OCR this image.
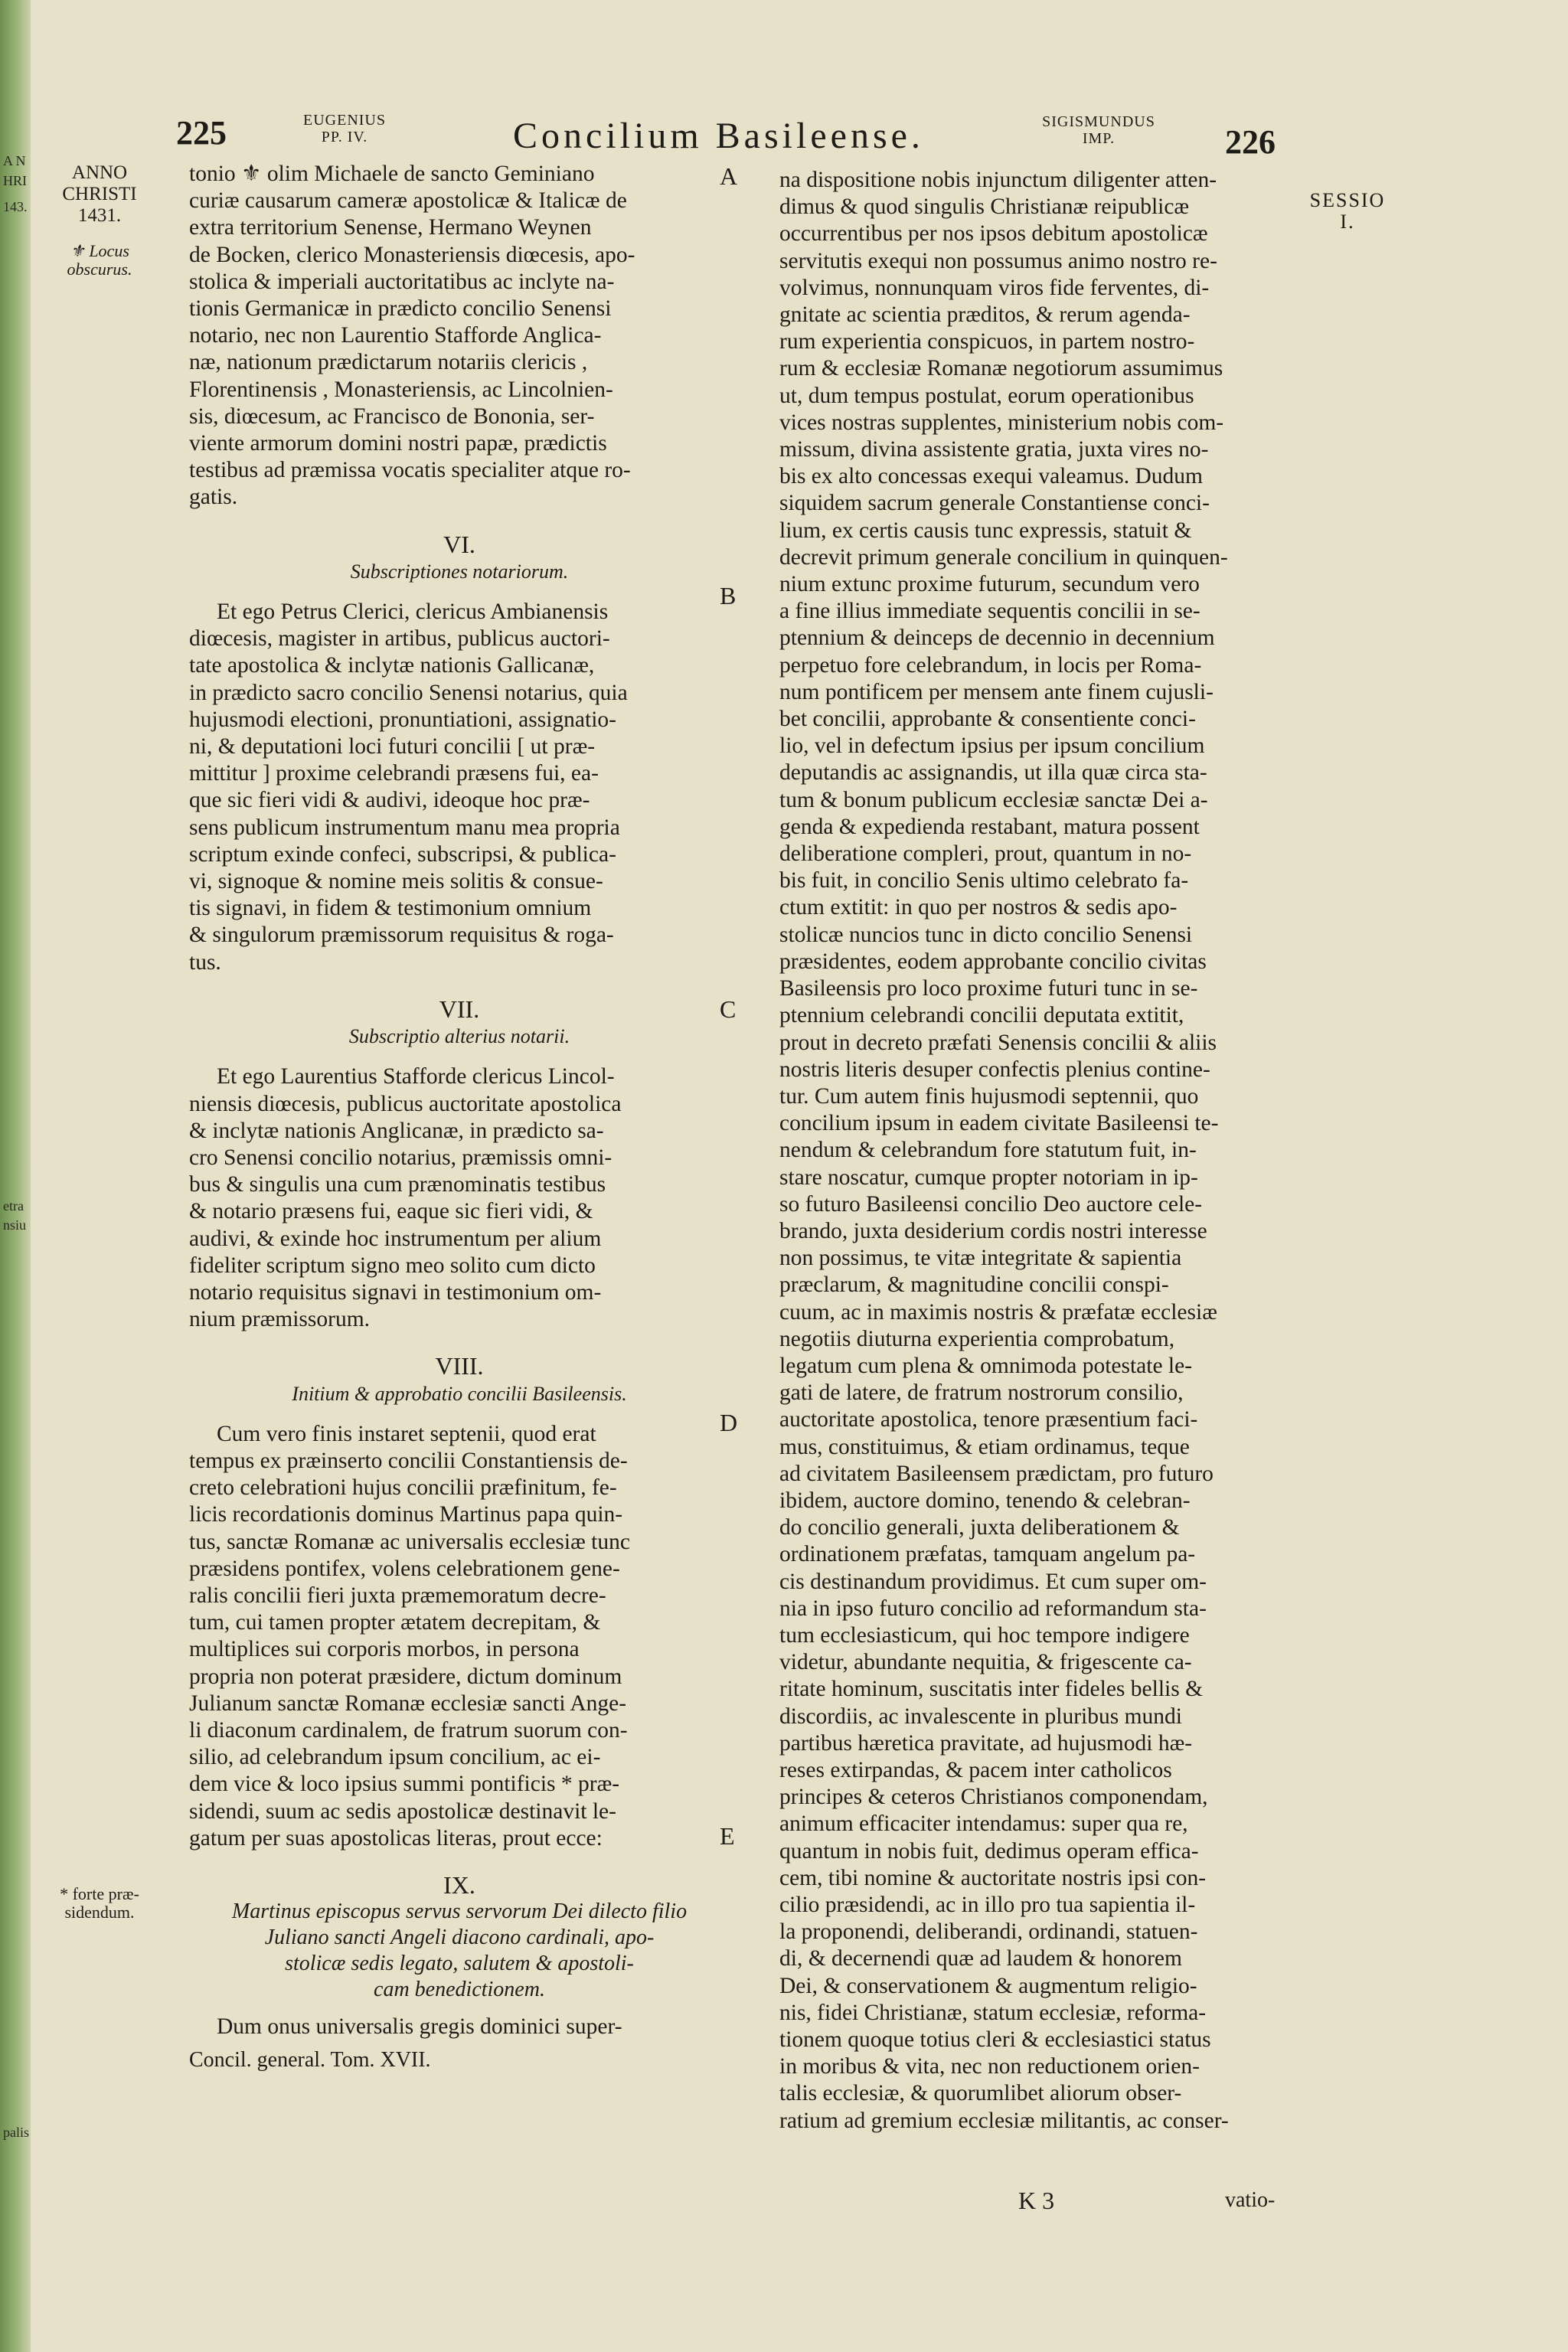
A N
HRI
143.
etra
nsiu
palis
225	EUGENIUS
PP. IV.	Concilium Basileense.	SIGISMUNDUS
IMP.	226
ANNO
CHRISTI
1431.
⚜ Locus
obscurus.
* forte præ-
sidendum.
SESSIO
I.
A
B
C
D
E
tonio ⚜ olim Michaele de sancto Geminiano
curiæ causarum cameræ apostolicæ & Italicæ de
extra territorium Senense, Hermano Weynen
de Bocken, clerico Monasteriensis diœcesis, apo-
stolica & imperiali auctoritatibus ac inclyte na-
tionis Germanicæ in prædicto concilio Senensi
notario, nec non Laurentio Stafforde Anglica-
næ, nationum prædictarum notariis clericis ,
Florentinensis , Monasteriensis, ac Lincolnien-
sis, diœcesum, ac Francisco de Bononia, ser-
viente armorum domini nostri papæ, prædictis
testibus ad præmissa vocatis specialiter atque ro-
gatis.
VI.
Subscriptiones notariorum.
Et ego Petrus Clerici, clericus Ambianensis
diœcesis, magister in artibus, publicus auctori-
tate apostolica & inclytæ nationis Gallicanæ,
in prædicto sacro concilio Senensi notarius, quia
hujusmodi electioni, pronuntiationi, assignatio-
ni, & deputationi loci futuri concilii [ ut præ-
mittitur ] proxime celebrandi præsens fui, ea-
que sic fieri vidi & audivi, ideoque hoc præ-
sens publicum instrumentum manu mea propria
scriptum exinde confeci, subscripsi, & publica-
vi, signoque & nomine meis solitis & consue-
tis signavi, in fidem & testimonium omnium
& singulorum præmissorum requisitus & roga-
tus.
VII.
Subscriptio alterius notarii.
Et ego Laurentius Stafforde clericus Lincol-
niensis diœcesis, publicus auctoritate apostolica
& inclytæ nationis Anglicanæ, in prædicto sa-
cro Senensi concilio notarius, præmissis omni-
bus & singulis una cum prænominatis testibus
& notario præsens fui, eaque sic fieri vidi, &
audivi, & exinde hoc instrumentum per alium
fideliter scriptum signo meo solito cum dicto
notario requisitus signavi in testimonium om-
nium præmissorum.
VIII.
Initium & approbatio concilii Basileensis.
Cum vero finis instaret septenii, quod erat
tempus ex præinserto concilii Constantiensis de-
creto celebrationi hujus concilii præfinitum, fe-
licis recordationis dominus Martinus papa quin-
tus, sanctæ Romanæ ac universalis ecclesiæ tunc
præsidens pontifex, volens celebrationem gene-
ralis concilii fieri juxta præmemoratum decre-
tum, cui tamen propter ætatem decrepitam, &
multiplices sui corporis morbos, in persona
propria non poterat præsidere, dictum dominum
Julianum sanctæ Romanæ ecclesiæ sancti Ange-
li diaconum cardinalem, de fratrum suorum con-
silio, ad celebrandum ipsum concilium, ac ei-
dem vice & loco ipsius summi pontificis * præ-
sidendi, suum ac sedis apostolicæ destinavit le-
gatum per suas apostolicas literas, prout ecce:
IX.
Martinus episcopus servus servorum Dei dilecto filio
Juliano sancti Angeli diacono cardinali, apo-
stolicæ sedis legato, salutem & apostoli-
cam benedictionem.
Dum onus universalis gregis dominici super-
Concil. general. Tom. XVII.
na dispositione nobis injunctum diligenter atten-
dimus & quod singulis Christianæ reipublicæ
occurrentibus per nos ipsos debitum apostolicæ
servitutis exequi non possumus animo nostro re-
volvimus, nonnunquam viros fide ferventes, di-
gnitate ac scientia præditos, & rerum agenda-
rum experientia conspicuos, in partem nostro-
rum & ecclesiæ Romanæ negotiorum assumimus
ut, dum tempus postulat, eorum operationibus
vices nostras supplentes, ministerium nobis com-
missum, divina assistente gratia, juxta vires no-
bis ex alto concessas exequi valeamus. Dudum
siquidem sacrum generale Constantiense conci-
lium, ex certis causis tunc expressis, statuit &
decrevit primum generale concilium in quinquen-
nium extunc proxime futurum, secundum vero
a fine illius immediate sequentis concilii in se-
ptennium & deinceps de decennio in decennium
perpetuo fore celebrandum, in locis per Roma-
num pontificem per mensem ante finem cujusli-
bet concilii, approbante & consentiente conci-
lio, vel in defectum ipsius per ipsum concilium
deputandis ac assignandis, ut illa quæ circa sta-
tum & bonum publicum ecclesiæ sanctæ Dei a-
genda & expedienda restabant, matura possent
deliberatione compleri, prout, quantum in no-
bis fuit, in concilio Senis ultimo celebrato fa-
ctum extitit: in quo per nostros & sedis apo-
stolicæ nuncios tunc in dicto concilio Senensi
præsidentes, eodem approbante concilio civitas
Basileensis pro loco proxime futuri tunc in se-
ptennium celebrandi concilii deputata extitit,
prout in decreto præfati Senensis concilii & aliis
nostris literis desuper confectis plenius contine-
tur. Cum autem finis hujusmodi septennii, quo
concilium ipsum in eadem civitate Basileensi te-
nendum & celebrandum fore statutum fuit, in-
stare noscatur, cumque propter notoriam in ip-
so futuro Basileensi concilio Deo auctore cele-
brando, juxta desiderium cordis nostri interesse
non possimus, te vitæ integritate & sapientia
præclarum, & magnitudine concilii conspi-
cuum, ac in maximis nostris & præfatæ ecclesiæ
negotiis diuturna experientia comprobatum,
legatum cum plena & omnimoda potestate le-
gati de latere, de fratrum nostrorum consilio,
auctoritate apostolica, tenore præsentium faci-
mus, constituimus, & etiam ordinamus, teque
ad civitatem Basileensem prædictam, pro futuro
ibidem, auctore domino, tenendo & celebran-
do concilio generali, juxta deliberationem &
ordinationem præfatas, tamquam angelum pa-
cis destinandum providimus. Et cum super om-
nia in ipso futuro concilio ad reformandum sta-
tum ecclesiasticum, qui hoc tempore indigere
videtur, abundante nequitia, & frigescente ca-
ritate hominum, suscitatis inter fideles bellis &
discordiis, ac invalescente in pluribus mundi
partibus hæretica pravitate, ad hujusmodi hæ-
reses extirpandas, & pacem inter catholicos
principes & ceteros Christianos componendam,
animum efficaciter intendamus: super qua re,
quantum in nobis fuit, dedimus operam effica-
cem, tibi nomine & auctoritate nostris ipsi con-
cilio præsidendi, ac in illo pro tua sapientia il-
la proponendi, deliberandi, ordinandi, statuen-
di, & decernendi quæ ad laudem & honorem
Dei, & conservationem & augmentum religio-
nis, fidei Christianæ, statum ecclesiæ, reforma-
tionem quoque totius cleri & ecclesiastici status
in moribus & vita, nec non reductionem orien-
talis ecclesiæ, & quorumlibet aliorum obser-
ratium ad gremium ecclesiæ militantis, ac conser-
K 3	vatio-
